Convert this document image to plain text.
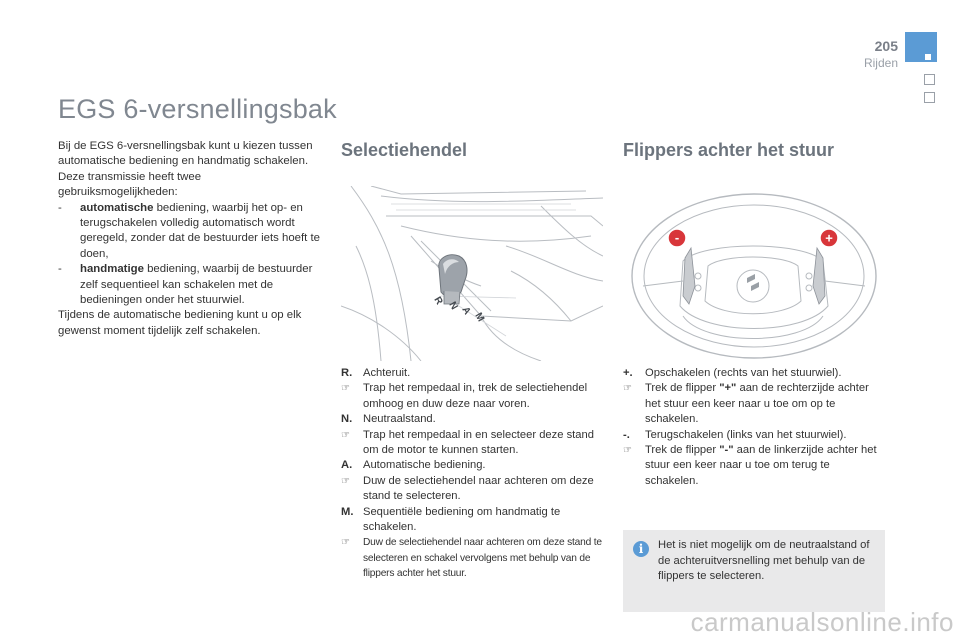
205
Rijden
EGS 6-versnellingsbak

Bij de EGS 6-versnellingsbak kunt u kiezen tussen automatische bediening en handmatig schakelen.

Deze transmissie heeft twee gebruiksmogelijkheden:

-	automatische bediening, waarbij het op- en terugschakelen volledig automatisch wordt geregeld, zonder dat de bestuurder iets hoeft te doen,
-	handmatige bediening, waarbij de bestuurder zelf sequentieel kan schakelen met de bedieningen onder het stuurwiel.

Tijdens de automatische bediening kunt u op elk gewenst moment tijdelijk zelf schakelen.

Selectiehendel
R N A
M
R. Achteruit.
☞	Trap het rempedaal in, trek de selectiehendel omhoog en duw deze naar voren.
N. Neutraalstand.
☞	Trap het rempedaal in en selecteer deze stand om de motor te kunnen starten.
A. Automatische bediening.
☞	Duw de selectiehendel naar achteren om deze stand te selecteren.
M. Sequentiële bediening om handmatig te schakelen.
☞	Duw de selectiehendel naar achteren om deze stand te selecteren en schakel vervolgens met behulp van de flippers achter het stuur.
Flippers achter het stuur
-	+
+.	Opschakelen (rechts van het stuurwiel).
☞	Trek de flipper "+" aan de rechterzijde achter het stuur een keer naar u toe om op te schakelen.
-.	Terugschakelen (links van het stuurwiel).
☞	Trek de flipper "-" aan de linkerzijde achter het stuur een keer naar u toe om terug te schakelen.
i	Het is niet mogelijk om de neutraalstand of de achteruitversnelling met behulp van de flippers te selecteren.
carmanualsonline.info
